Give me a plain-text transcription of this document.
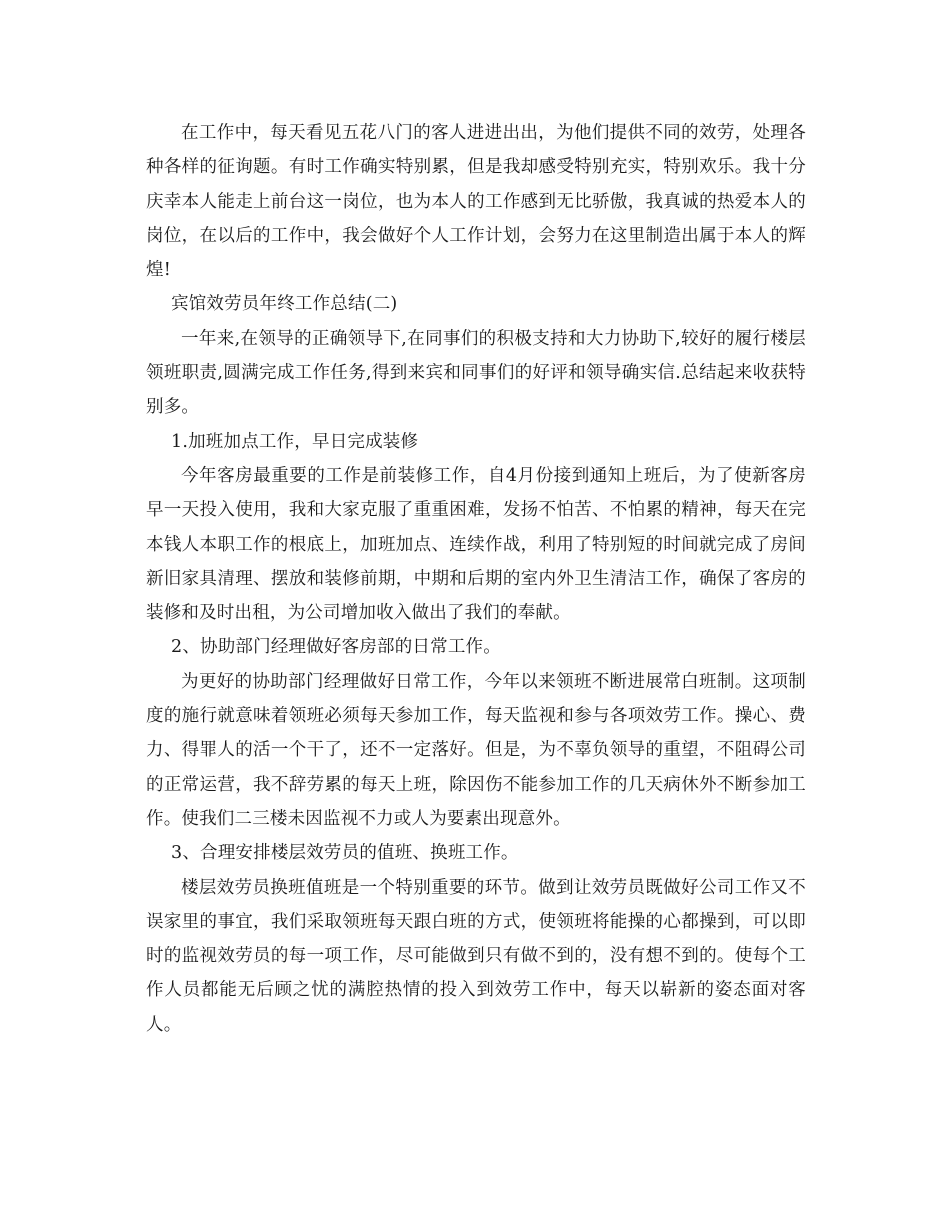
在工作中，每天看见五花八门的客人进进出出，为他们提供不同的效劳，处理各种各样的征询题。有时工作确实特别累，但是我却感受特别充实，特别欢乐。我十分庆幸本人能走上前台这一岗位，也为本人的工作感到无比骄傲，我真诚的热爱本人的岗位，在以后的工作中，我会做好个人工作计划，会努力在这里制造出属于本人的辉煌!

宾馆效劳员年终工作总结(二)

一年来,在领导的正确领导下,在同事们的积极支持和大力协助下,较好的履行楼层领班职责,圆满完成工作任务,得到来宾和同事们的好评和领导确实信.总结起来收获特别多。

1.加班加点工作，早日完成装修

今年客房最重要的工作是前装修工作，自4月份接到通知上班后，为了使新客房早一天投入使用，我和大家克服了重重困难，发扬不怕苦、不怕累的精神，每天在完本钱人本职工作的根底上，加班加点、连续作战，利用了特别短的时间就完成了房间新旧家具清理、摆放和装修前期，中期和后期的室内外卫生清洁工作，确保了客房的装修和及时出租，为公司增加收入做出了我们的奉献。

2、协助部门经理做好客房部的日常工作。

为更好的协助部门经理做好日常工作，今年以来领班不断进展常白班制。这项制度的施行就意味着领班必须每天参加工作，每天监视和参与各项效劳工作。操心、费力、得罪人的活一个干了，还不一定落好。但是，为不辜负领导的重望，不阻碍公司的正常运营，我不辞劳累的每天上班，除因伤不能参加工作的几天病休外不断参加工作。使我们二三楼未因监视不力或人为要素出现意外。

3、合理安排楼层效劳员的值班、换班工作。

楼层效劳员换班值班是一个特别重要的环节。做到让效劳员既做好公司工作又不误家里的事宜，我们采取领班每天跟白班的方式，使领班将能操的心都操到，可以即时的监视效劳员的每一项工作，尽可能做到只有做不到的，没有想不到的。使每个工作人员都能无后顾之忧的满腔热情的投入到效劳工作中，每天以崭新的姿态面对客人。
